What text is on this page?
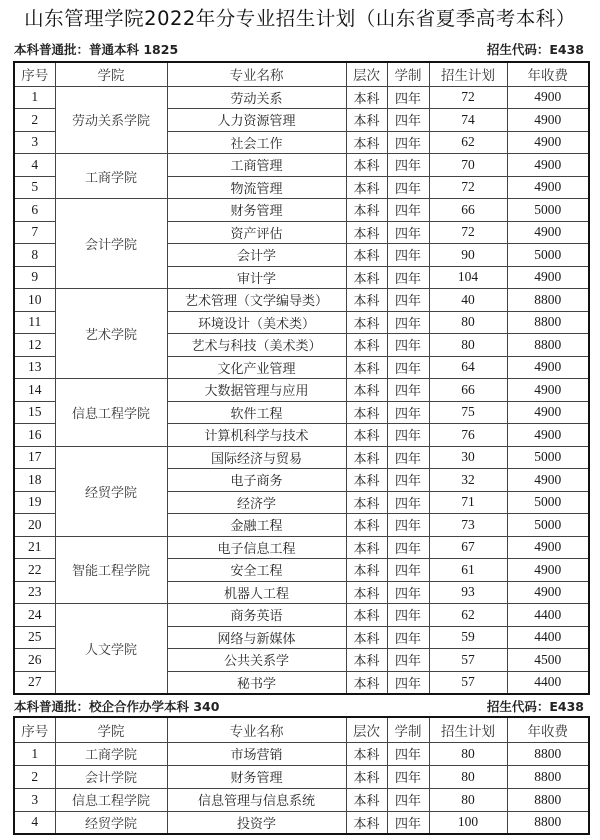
山东管理学院2022年分专业招生计划（山东省夏季高考本科）
本科普通批：普通本科 1825	招生代码：E438
序号	学院	专业名称	层次	学制	招生计划	年收费
1	劳动关系学院	劳动关系	本科	四年	72	4900
2		人力资源管理	本科	四年	74	4900
3		社会工作	本科	四年	62	4900
4	工商学院	工商管理	本科	四年	70	4900
5		物流管理	本科	四年	72	4900
6	会计学院	财务管理	本科	四年	66	5000
7		资产评估	本科	四年	72	4900
8		会计学	本科	四年	90	5000
9		审计学	本科	四年	104	4900
10	艺术学院	艺术管理（文学编导类）	本科	四年	40	8800
11		环境设计（美术类）	本科	四年	80	8800
12		艺术与科技（美术类）	本科	四年	80	8800
13		文化产业管理	本科	四年	64	4900
14	信息工程学院	大数据管理与应用	本科	四年	66	4900
15		软件工程	本科	四年	75	4900
16		计算机科学与技术	本科	四年	76	4900
17	经贸学院	国际经济与贸易	本科	四年	30	5000
18		电子商务	本科	四年	32	4900
19		经济学	本科	四年	71	5000
20		金融工程	本科	四年	73	5000
21	智能工程学院	电子信息工程	本科	四年	67	4900
22		安全工程	本科	四年	61	4900
23		机器人工程	本科	四年	93	4900
24	人文学院	商务英语	本科	四年	62	4400
25		网络与新媒体	本科	四年	59	4400
26		公共关系学	本科	四年	57	4500
27		秘书学	本科	四年	57	4400
本科普通批：校企合作办学本科 340	招生代码：E438
序号	学院	专业名称	层次	学制	招生计划	年收费
1	工商学院	市场营销	本科	四年	80	8800
2	会计学院	财务管理	本科	四年	80	8800
3	信息工程学院	信息管理与信息系统	本科	四年	80	8800
4	经贸学院	投资学	本科	四年	100	8800
